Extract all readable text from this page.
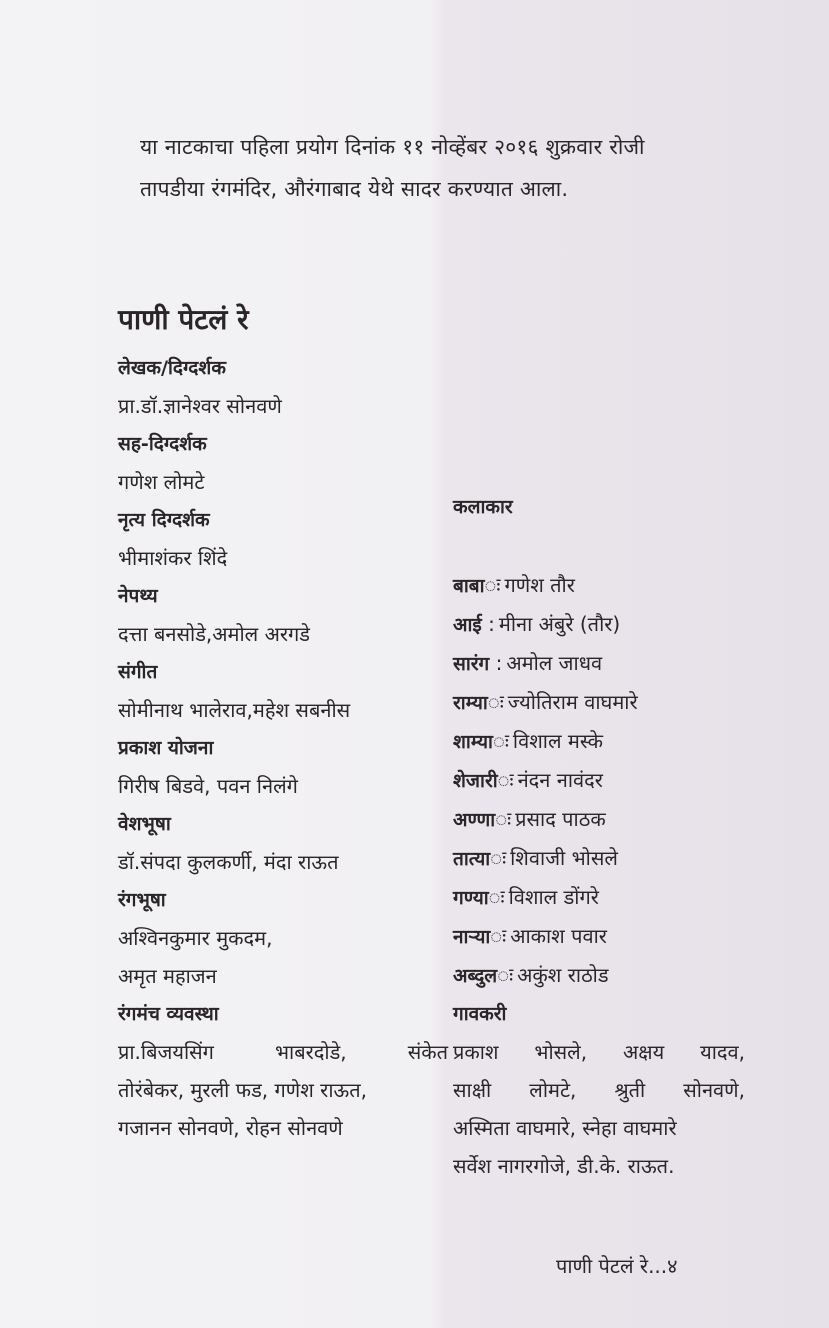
या नाटकाचा पहिला प्रयोग दिनांक ११ नोव्हेंबर २०१६ शुक्रवार रोजी

तापडीया रंगमंदिर, औरंगाबाद येथे सादर करण्यात आला.

पाणी पेटलं रे
लेखक/दिग्दर्शक
प्रा.डॉ.ज्ञानेश्वर सोनवणे
सह-दिग्दर्शक
गणेश लोमटे
नृत्य दिग्दर्शक
भीमाशंकर शिंदे
नेपथ्य
दत्ता बनसोडे,अमोल अरगडे
संगीत
सोमीनाथ भालेराव,महेश सबनीस
प्रकाश योजना
गिरीष बिडवे, पवन निलंगे
वेशभूषा
डॉ.संपदा कुलकर्णी, मंदा राऊत
रंगभूषा
अश्विनकुमार मुकदम,
अमृत महाजन
रंगमंच व्यवस्था
प्रा.बिजयसिंग भाबरदोडे, संकेत
तोरंबेकर, मुरली फड, गणेश राऊत,
गजानन सोनवणे, रोहन सोनवणे
कलाकार
बाबाः गणेश तौर
आई : मीना अंबुरे (तौर)
सारंग : अमोल जाधव
राम्याः ज्योतिराम वाघमारे
शाम्याः विशाल मस्के
शेजारीः नंदन नावंदर
अण्णाः प्रसाद पाठक
तात्याः शिवाजी भोसले
गण्याः विशाल डोंगरे
नाऱ्याः आकाश पवार
अब्दुलः अकुंश राठोड
गावकरी
प्रकाश भोसले, अक्षय यादव,
साक्षी लोमटे, श्रुती सोनवणे,
अस्मिता वाघमारे, स्नेहा वाघमारे
सर्वेश नागरगोजे, डी.के. राऊत.

पाणी पेटलं रे...४
